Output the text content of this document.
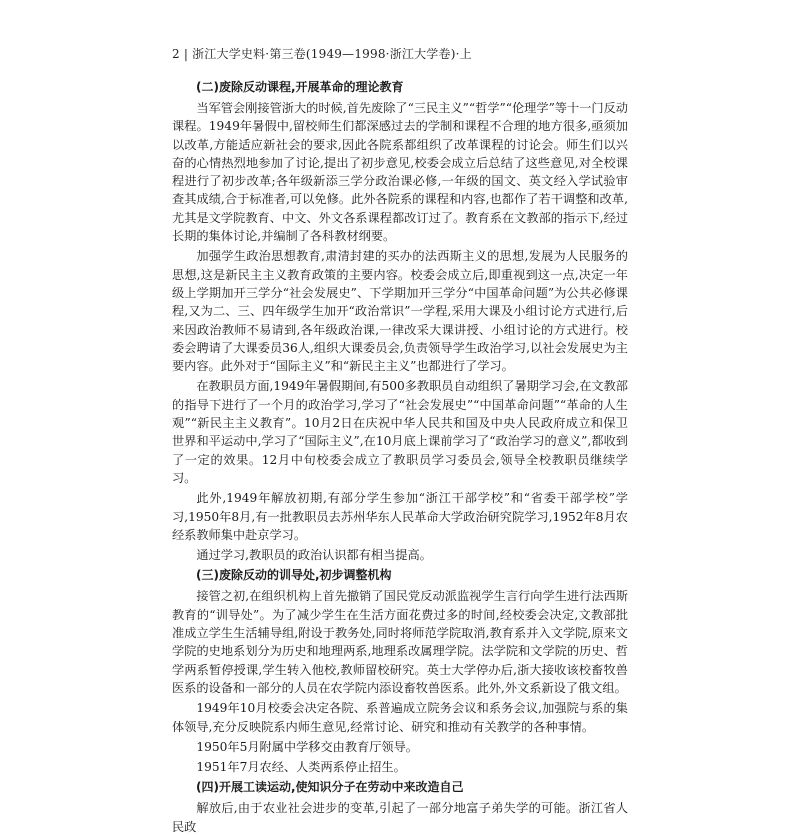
2 | 浙江大学史料·第三卷(1949—1998·浙江大学卷)·上
(二)废除反动课程,开展革命的理论教育

当军管会刚接管浙大的时候,首先废除了“三民主义”“哲学”“伦理学”等十一门反动课程。1949年暑假中,留校师生们都深感过去的学制和课程不合理的地方很多,亟须加以改革,方能适应新社会的要求,因此各院系都组织了改革课程的讨论会。师生们以兴奋的心情热烈地参加了讨论,提出了初步意见,校委会成立后总结了这些意见,对全校课程进行了初步改革;各年级新添三学分政治课必修,一年级的国文、英文经入学试验审查其成绩,合于标准者,可以免修。此外各院系的课程和内容,也都作了若干调整和改革,尤其是文学院教育、中文、外文各系课程都改订过了。教育系在文教部的指示下,经过长期的集体讨论,并编制了各科教材纲要。

加强学生政治思想教育,肃清封建的买办的法西斯主义的思想,发展为人民服务的思想,这是新民主主义教育政策的主要内容。校委会成立后,即重视到这一点,决定一年级上学期加开三学分“社会发展史”、下学期加开三学分“中国革命问题”为公共必修课程,又为二、三、四年级学生加开“政治常识”一学程,采用大课及小组讨论方式进行,后来因政治教师不易请到,各年级政治课,一律改采大课讲授、小组讨论的方式进行。校委会聘请了大课委员36人,组织大课委员会,负责领导学生政治学习,以社会发展史为主要内容。此外对于“国际主义”和“新民主主义”也都进行了学习。

在教职员方面,1949年暑假期间,有500多教职员自动组织了暑期学习会,在文教部的指导下进行了一个月的政治学习,学习了“社会发展史”“中国革命问题”“革命的人生观”“新民主主义教育”。10月2日在庆祝中华人民共和国及中央人民政府成立和保卫世界和平运动中,学习了“国际主义”,在10月底上课前学习了“政治学习的意义”,都收到了一定的效果。12月中旬校委会成立了教职员学习委员会,领导全校教职员继续学习。

此外,1949年解放初期,有部分学生参加“浙江干部学校”和“省委干部学校”学习,1950年8月,有一批教职员去苏州华东人民革命大学政治研究院学习,1952年8月农经系教师集中赴京学习。

通过学习,教职员的政治认识都有相当提高。

(三)废除反动的训导处,初步调整机构

接管之初,在组织机构上首先撤销了国民党反动派监视学生言行向学生进行法西斯教育的“训导处”。为了减少学生在生活方面花费过多的时间,经校委会决定,文教部批准成立学生生活辅导组,附设于教务处,同时将师范学院取消,教育系并入文学院,原来文学院的史地系划分为历史和地理两系,地理系改属理学院。法学院和文学院的历史、哲学两系暂停授课,学生转入他校,教师留校研究。英士大学停办后,浙大接收该校畜牧兽医系的设备和一部分的人员在农学院内添设畜牧兽医系。此外,外文系新设了俄文组。

1949年10月校委会决定各院、系普遍成立院务会议和系务会议,加强院与系的集体领导,充分反映院系内师生意见,经常讨论、研究和推动有关教学的各种事情。

1950年5月附属中学移交由教育厅领导。

1951年7月农经、人类两系停止招生。

(四)开展工读运动,使知识分子在劳动中来改造自己

解放后,由于农业社会进步的变革,引起了一部分地富子弟失学的可能。浙江省人民政
